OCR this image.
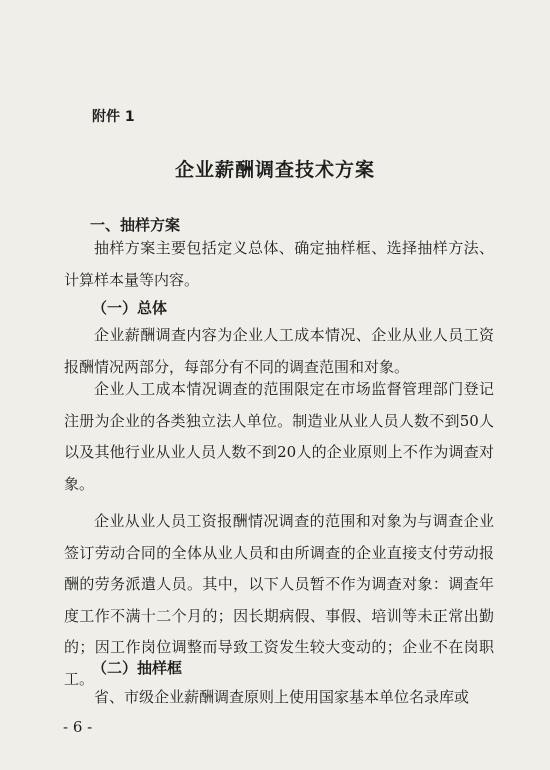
附件 1
企业薪酬调查技术方案
一、抽样方案
抽样方案主要包括定义总体、确定抽样框、选择抽样方法、计算样本量等内容。
（一）总体
企业薪酬调查内容为企业人工成本情况、企业从业人员工资报酬情况两部分，每部分有不同的调查范围和对象。
企业人工成本情况调查的范围限定在市场监督管理部门登记注册为企业的各类独立法人单位。制造业从业人员人数不到50人以及其他行业从业人员人数不到20人的企业原则上不作为调查对象。
企业从业人员工资报酬情况调查的范围和对象为与调查企业签订劳动合同的全体从业人员和由所调查的企业直接支付劳动报酬的劳务派遣人员。其中，以下人员暂不作为调查对象：调查年度工作不满十二个月的；因长期病假、事假、培训等未正常出勤的；因工作岗位调整而导致工资发生较大变动的；企业不在岗职工。
（二）抽样框
省、市级企业薪酬调查原则上使用国家基本单位名录库或
- 6 -
